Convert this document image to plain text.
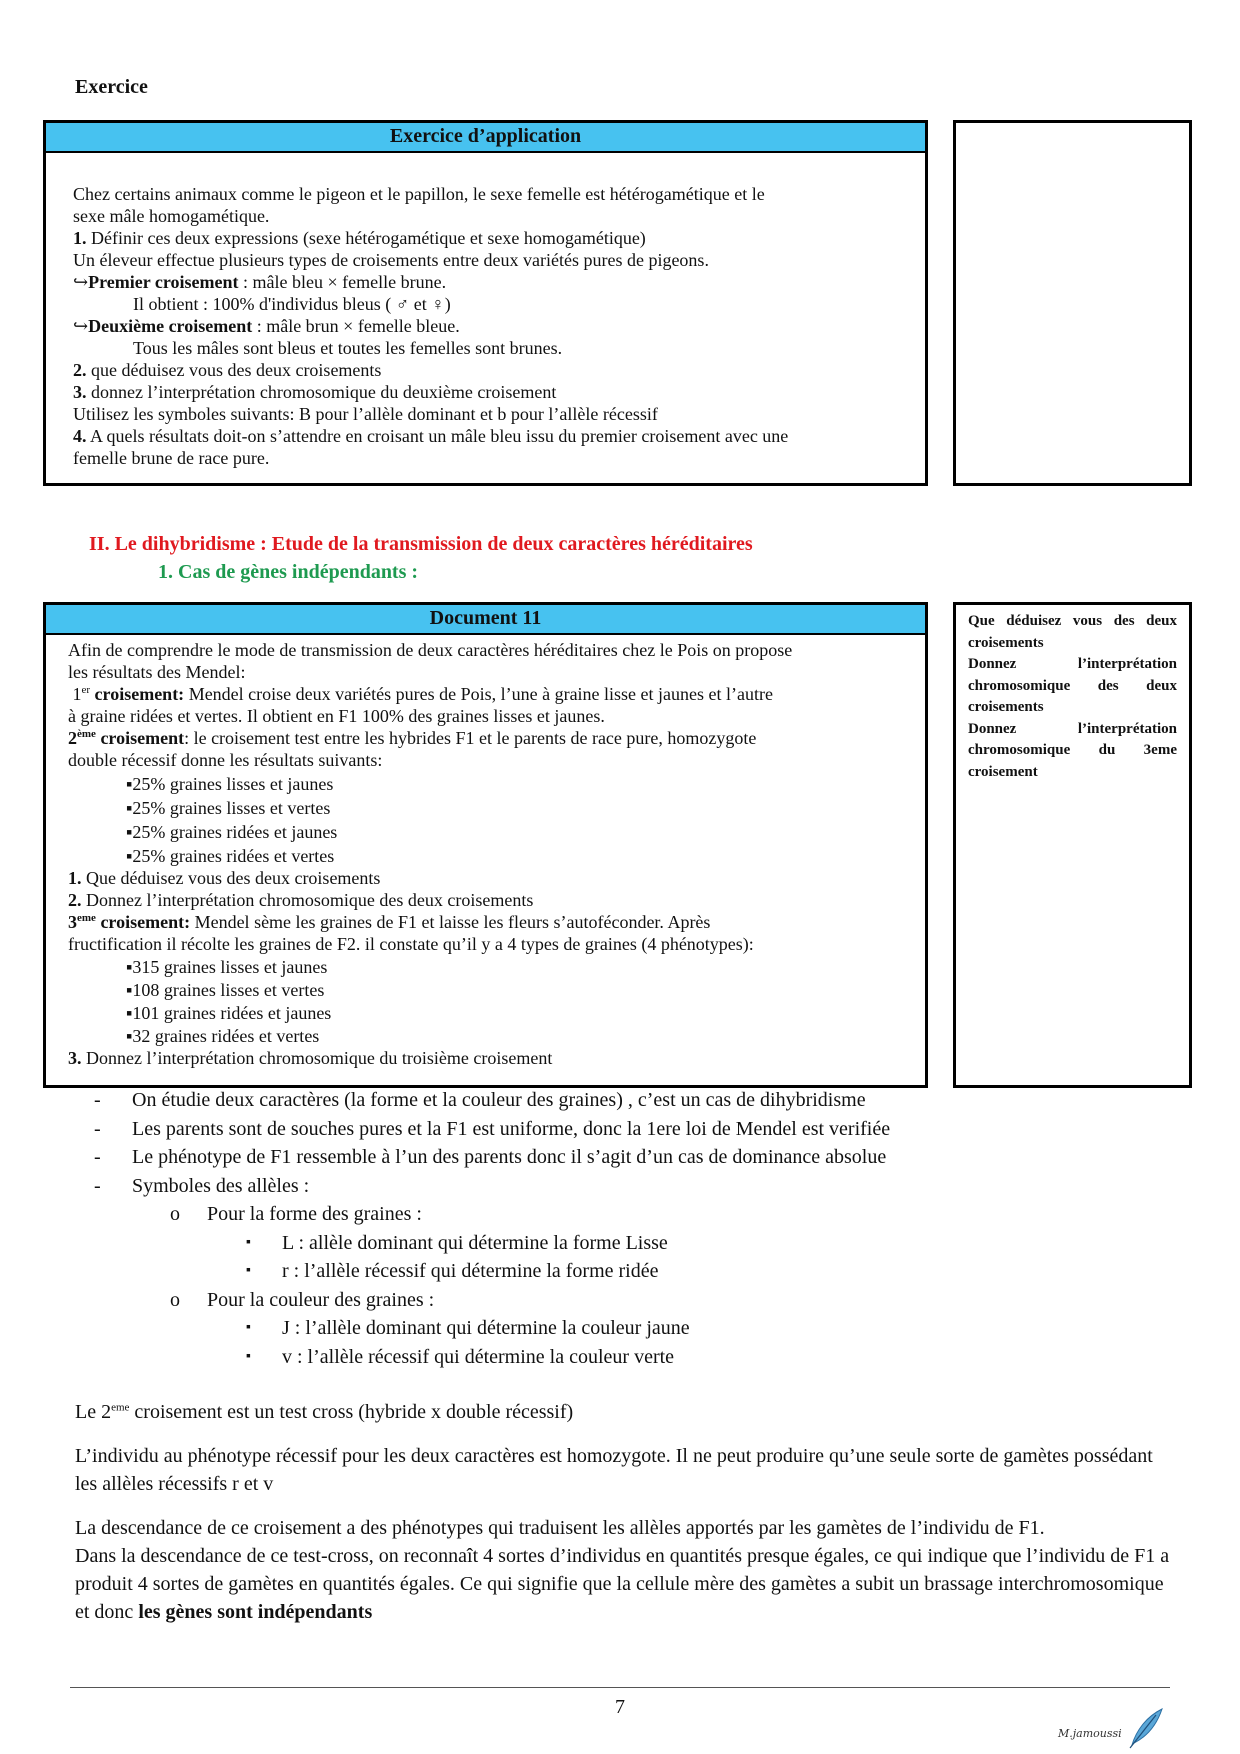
Exercice
Exercice d’application

Chez certains animaux comme le pigeon et le papillon, le sexe femelle est hétérogamétique et le

sexe mâle homogamétique.

1. Définir ces deux expressions (sexe hétérogamétique et sexe homogamétique)

Un éleveur effectue plusieurs types de croisements entre deux variétés pures de pigeons.

↪Premier croisement : mâle bleu × femelle brune.

Il obtient : 100% d'individus bleus ( ♂ et ♀)

↪Deuxième croisement : mâle brun × femelle bleue.

Tous les mâles sont bleus et toutes les femelles sont brunes.

2. que déduisez vous des deux croisements

3. donnez l’interprétation chromosomique du deuxième croisement

Utilisez les symboles suivants: B pour l’allèle dominant et b pour l’allèle récessif

4. A quels résultats doit-on s’attendre en croisant un mâle bleu issu du premier croisement avec une

femelle brune de race pure.

II. Le dihybridisme : Etude de la transmission de deux caractères héréditaires
1. Cas de gènes indépendants :
Document 11

Afin de comprendre le mode de transmission de deux caractères héréditaires chez le Pois on propose

les résultats des Mendel:

1er croisement: Mendel croise deux variétés pures de Pois, l’une à graine lisse et jaunes et l’autre

à graine ridées et vertes. Il obtient en F1 100% des graines lisses et jaunes.

2ème croisement: le croisement test entre les hybrides F1 et le parents de race pure, homozygote

double récessif donne les résultats suivants:

▪25% graines lisses et jaunes

▪25% graines lisses et vertes

▪25% graines ridées et jaunes

▪25% graines ridées et vertes

1. Que déduisez vous des deux croisements

2. Donnez l’interprétation chromosomique des deux croisements

3eme croisement: Mendel sème les graines de F1 et laisse les fleurs s’autoféconder. Après

fructification il récolte les graines de F2. il constate qu’il y a 4 types de graines (4 phénotypes):

▪315 graines lisses et jaunes

▪108 graines lisses et vertes

▪101 graines ridées et jaunes

▪32 graines ridées et vertes

3. Donnez l’interprétation chromosomique du troisième croisement

Que déduisez vous des deux croisements

Donnez l’interprétation chromosomique des deux croisements

Donnez l’interprétation chromosomique du 3eme croisement

- On étudie deux caractères (la forme et la couleur des graines) , c’est un cas de dihybridisme
- Les parents sont de souches pures et la F1 est uniforme, donc la 1ere loi de Mendel est verifiée
- Le phénotype de F1 ressemble à l’un des parents donc il s’agit d’un cas de dominance absolue
- Symboles des allèles :
o Pour la forme des graines :
▪ L : allèle dominant qui détermine la forme Lisse
▪ r : l’allèle récessif qui détermine la forme ridée
o Pour la couleur des graines :
▪ J : l’allèle dominant qui détermine la couleur jaune
▪ v : l’allèle récessif qui détermine la couleur verte

Le 2eme croisement est un test cross (hybride x double récessif)

L’individu au phénotype récessif pour les deux caractères est homozygote. Il ne peut produire qu’une seule sorte de gamètes possédant les allèles récessifs r et v

La descendance de ce croisement a des phénotypes qui traduisent les allèles apportés par les gamètes de l’individu de F1.

Dans la descendance de ce test-cross, on reconnaît 4 sortes d’individus en quantités presque égales, ce qui indique que l’individu de F1 a produit 4 sortes de gamètes en quantités égales. Ce qui signifie que la cellule mère des gamètes a subit un brassage interchromosomique et donc les gènes sont indépendants

7
M.jamoussi
